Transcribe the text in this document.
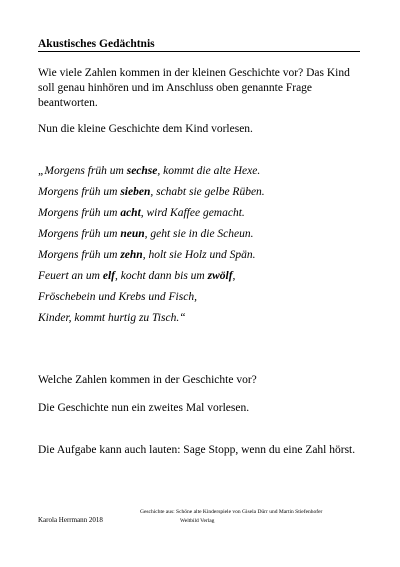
Akustisches Gedächtnis
Wie viele Zahlen kommen in der kleinen Geschichte vor? Das Kind soll genau hinhören und im Anschluss oben genannte Frage beantworten.
Nun die kleine Geschichte dem Kind vorlesen.
„Morgens früh um sechse, kommt die alte Hexe.
Morgens früh um sieben, schabt sie gelbe Rüben.
Morgens früh um acht, wird Kaffee gemacht.
Morgens früh um neun, geht sie in die Scheun.
Morgens früh um zehn, holt sie Holz und Spän.
Feuert an um elf, kocht dann bis um zwölf,
Fröschebein und Krebs und Fisch,
Kinder, kommt hurtig zu Tisch.“
Welche Zahlen kommen in der Geschichte vor?
Die Geschichte nun ein zweites Mal vorlesen.
Die Aufgabe kann auch lauten: Sage Stopp, wenn du eine Zahl hörst.
Geschichte aus: Schöne alte Kinderspiele von Gisela Dürr und Martin Stiefenhofer
Karola Herrmann 2018	Weltbild Verlag
